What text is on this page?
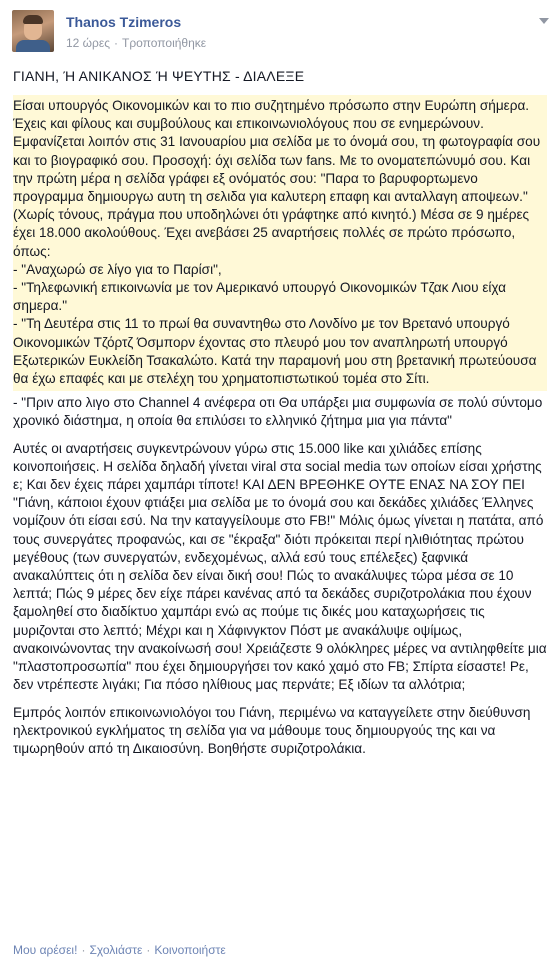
Thanos Tzimeros
12 ώρες · Τροποποιήθηκε
ΓΙΑΝΗ, Ή ΑΝΙΚΑΝΟΣ Ή ΨΕΥΤΗΣ - ΔΙΑΛΕΞΕ

Είσαι υπουργός Οικονομικών και το πιο συζητημένο πρόσωπο στην Ευρώπη σήμερα. Έχεις και φίλους και συμβούλους και επικοινωνιολόγους που σε ενημερώνουν. Εμφανίζεται λοιπόν στις 31 Ιανουαρίου μια σελίδα με το όνομά σου, τη φωτογραφία σου και το βιογραφικό σου. Προσοχή: όχι σελίδα των fans. Με το ονοματεπώνυμό σου. Και την πρώτη μέρα η σελίδα γράφει εξ ονόματός σου: "Παρα το βαρυφορτωμενο προγραμμα δημιουργω αυτη τη σελιδα για καλυτερη επαφη και ανταλλαγη αποψεων." (Χωρίς τόνους, πράγμα που υποδηλώνει ότι γράφτηκε από κινητό.) Μέσα σε 9 ημέρες έχει 18.000 ακολούθους. Έχει ανεβάσει 25 αναρτήσεις πολλές σε πρώτο πρόσωπο, όπως:

- "Αναχωρώ σε λίγο για το Παρίσι",

- "Τηλεφωνική επικοινωνία με τον Αμερικανό υπουργό Οικονομικών Τζακ Λιου είχα σημερα."

- "Τη Δευτέρα στις 11 το πρωί θα συναντηθω στο Λονδίνο με τον Βρετανό υπουργό Οικονομικών Τζόρτζ Όσμπορν έχοντας στο πλευρό μου τον αναπληρωτή υπουργό Εξωτερικών Ευκλείδη Τσακαλώτο. Κατά την παραμονή μου στη βρετανική πρωτεύουσα θα έχω επαφές και με στελέχη του χρηματοπιστωτικού τομέα στο Σίτι.

- "Πριν απο λιγο στο Channel 4 ανέφερα οτι Θα υπάρξει μια συμφωνία σε πολύ σύντομο χρονικό διάστημα, η οποία θα επιλύσει το ελληνικό ζήτημα μια για πάντα"

Αυτές οι αναρτήσεις συγκεντρώνουν γύρω στις 15.000 like και χιλιάδες επίσης κοινοποιήσεις. Η σελίδα δηλαδή γίνεται viral στα social media των οποίων είσαι χρήστης ε; Και δεν έχεις πάρει χαμπάρι τίποτε! ΚΑΙ ΔΕΝ ΒΡΕΘΗΚΕ ΟΥΤΕ ΕΝΑΣ ΝΑ ΣΟΥ ΠΕΙ "Γιάνη, κάποιοι έχουν φτιάξει μια σελίδα με το όνομά σου και δεκάδες χιλιάδες Έλληνες νομίζουν ότι είσαι εσύ. Να την καταγγείλουμε στο FB!" Μόλις όμως γίνεται η πατάτα, από τους συνεργάτες προφανώς, και σε "έκραξα" διότι πρόκειται περί ηλιθιότητας πρώτου μεγέθους (των συνεργατών, ενδεχομένως, αλλά εσύ τους επέλεξες) ξαφνικά ανακαλύπτεις ότι η σελίδα δεν είναι δική σου! Πώς το ανακάλυψες τώρα μέσα σε 10 λεπτά; Πώς 9 μέρες δεν είχε πάρει κανένας από τα δεκάδες συριζοτρολάκια που έχουν ξαμοληθεί στο διαδίκτυο χαμπάρι ενώ ας πούμε τις δικές μου καταχωρήσεις τις μυριζονται στο λεπτό; Μέχρι και η Χάφινγκτον Πόστ με ανακάλυψε οψίμως, ανακοινώνοντας την ανακοίνωσή σου! Χρειάζεστε 9 ολόκληρες μέρες να αντιληφθείτε μια "πλαστοπροσωπία" που έχει δημιουργήσει τον κακό χαμό στο FB; Σπίρτα είσαστε! Ρε, δεν ντρέπεστε λιγάκι; Για πόσο ηλίθιους μας περνάτε; Εξ ιδίων τα αλλότρια;

Εμπρός λοιπόν επικοινωνιολόγοι του Γιάνη, περιμένω να καταγγείλετε στην διεύθυνση ηλεκτρονικού εγκλήματος τη σελίδα για να μάθουμε τους δημιουργούς της και να τιμωρηθούν από τη Δικαιοσύνη. Βοηθήστε συριζοτρολάκια.

Μου αρέσει! · Σχολιάστε · Κοινοποιήστε
